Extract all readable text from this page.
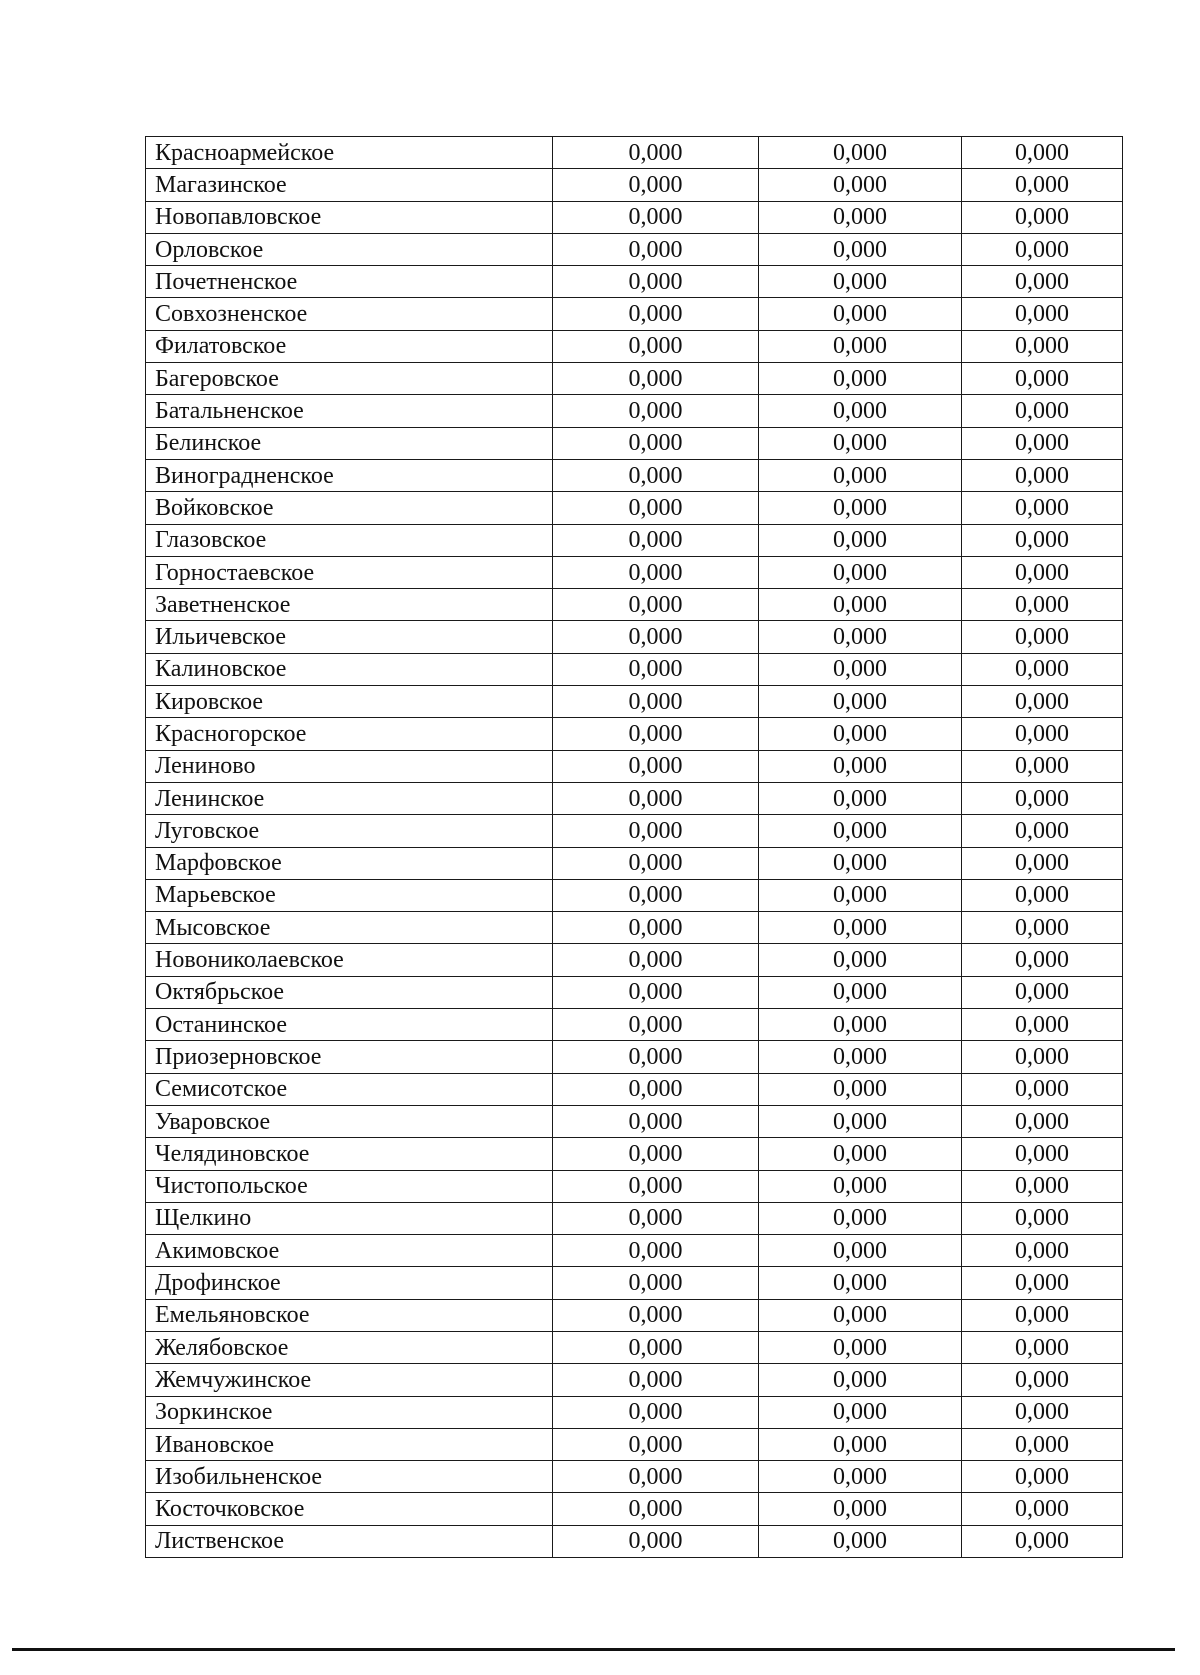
Красноармейское	0,000	0,000	0,000
Магазинское	0,000	0,000	0,000
Новопавловское	0,000	0,000	0,000
Орловское	0,000	0,000	0,000
Почетненское	0,000	0,000	0,000
Совхозненское	0,000	0,000	0,000
Филатовское	0,000	0,000	0,000
Багеровское	0,000	0,000	0,000
Батальненское	0,000	0,000	0,000
Белинское	0,000	0,000	0,000
Виноградненское	0,000	0,000	0,000
Войковское	0,000	0,000	0,000
Глазовское	0,000	0,000	0,000
Горностаевское	0,000	0,000	0,000
Заветненское	0,000	0,000	0,000
Ильичевское	0,000	0,000	0,000
Калиновское	0,000	0,000	0,000
Кировское	0,000	0,000	0,000
Красногорское	0,000	0,000	0,000
Лениново	0,000	0,000	0,000
Ленинское	0,000	0,000	0,000
Луговское	0,000	0,000	0,000
Марфовское	0,000	0,000	0,000
Марьевское	0,000	0,000	0,000
Мысовское	0,000	0,000	0,000
Новониколаевское	0,000	0,000	0,000
Октябрьское	0,000	0,000	0,000
Останинское	0,000	0,000	0,000
Приозерновское	0,000	0,000	0,000
Семисотское	0,000	0,000	0,000
Уваровское	0,000	0,000	0,000
Челядиновское	0,000	0,000	0,000
Чистопольское	0,000	0,000	0,000
Щелкино	0,000	0,000	0,000
Акимовское	0,000	0,000	0,000
Дрофинское	0,000	0,000	0,000
Емельяновское	0,000	0,000	0,000
Желябовское	0,000	0,000	0,000
Жемчужинское	0,000	0,000	0,000
Зоркинское	0,000	0,000	0,000
Ивановское	0,000	0,000	0,000
Изобильненское	0,000	0,000	0,000
Косточковское	0,000	0,000	0,000
Лиственское	0,000	0,000	0,000
